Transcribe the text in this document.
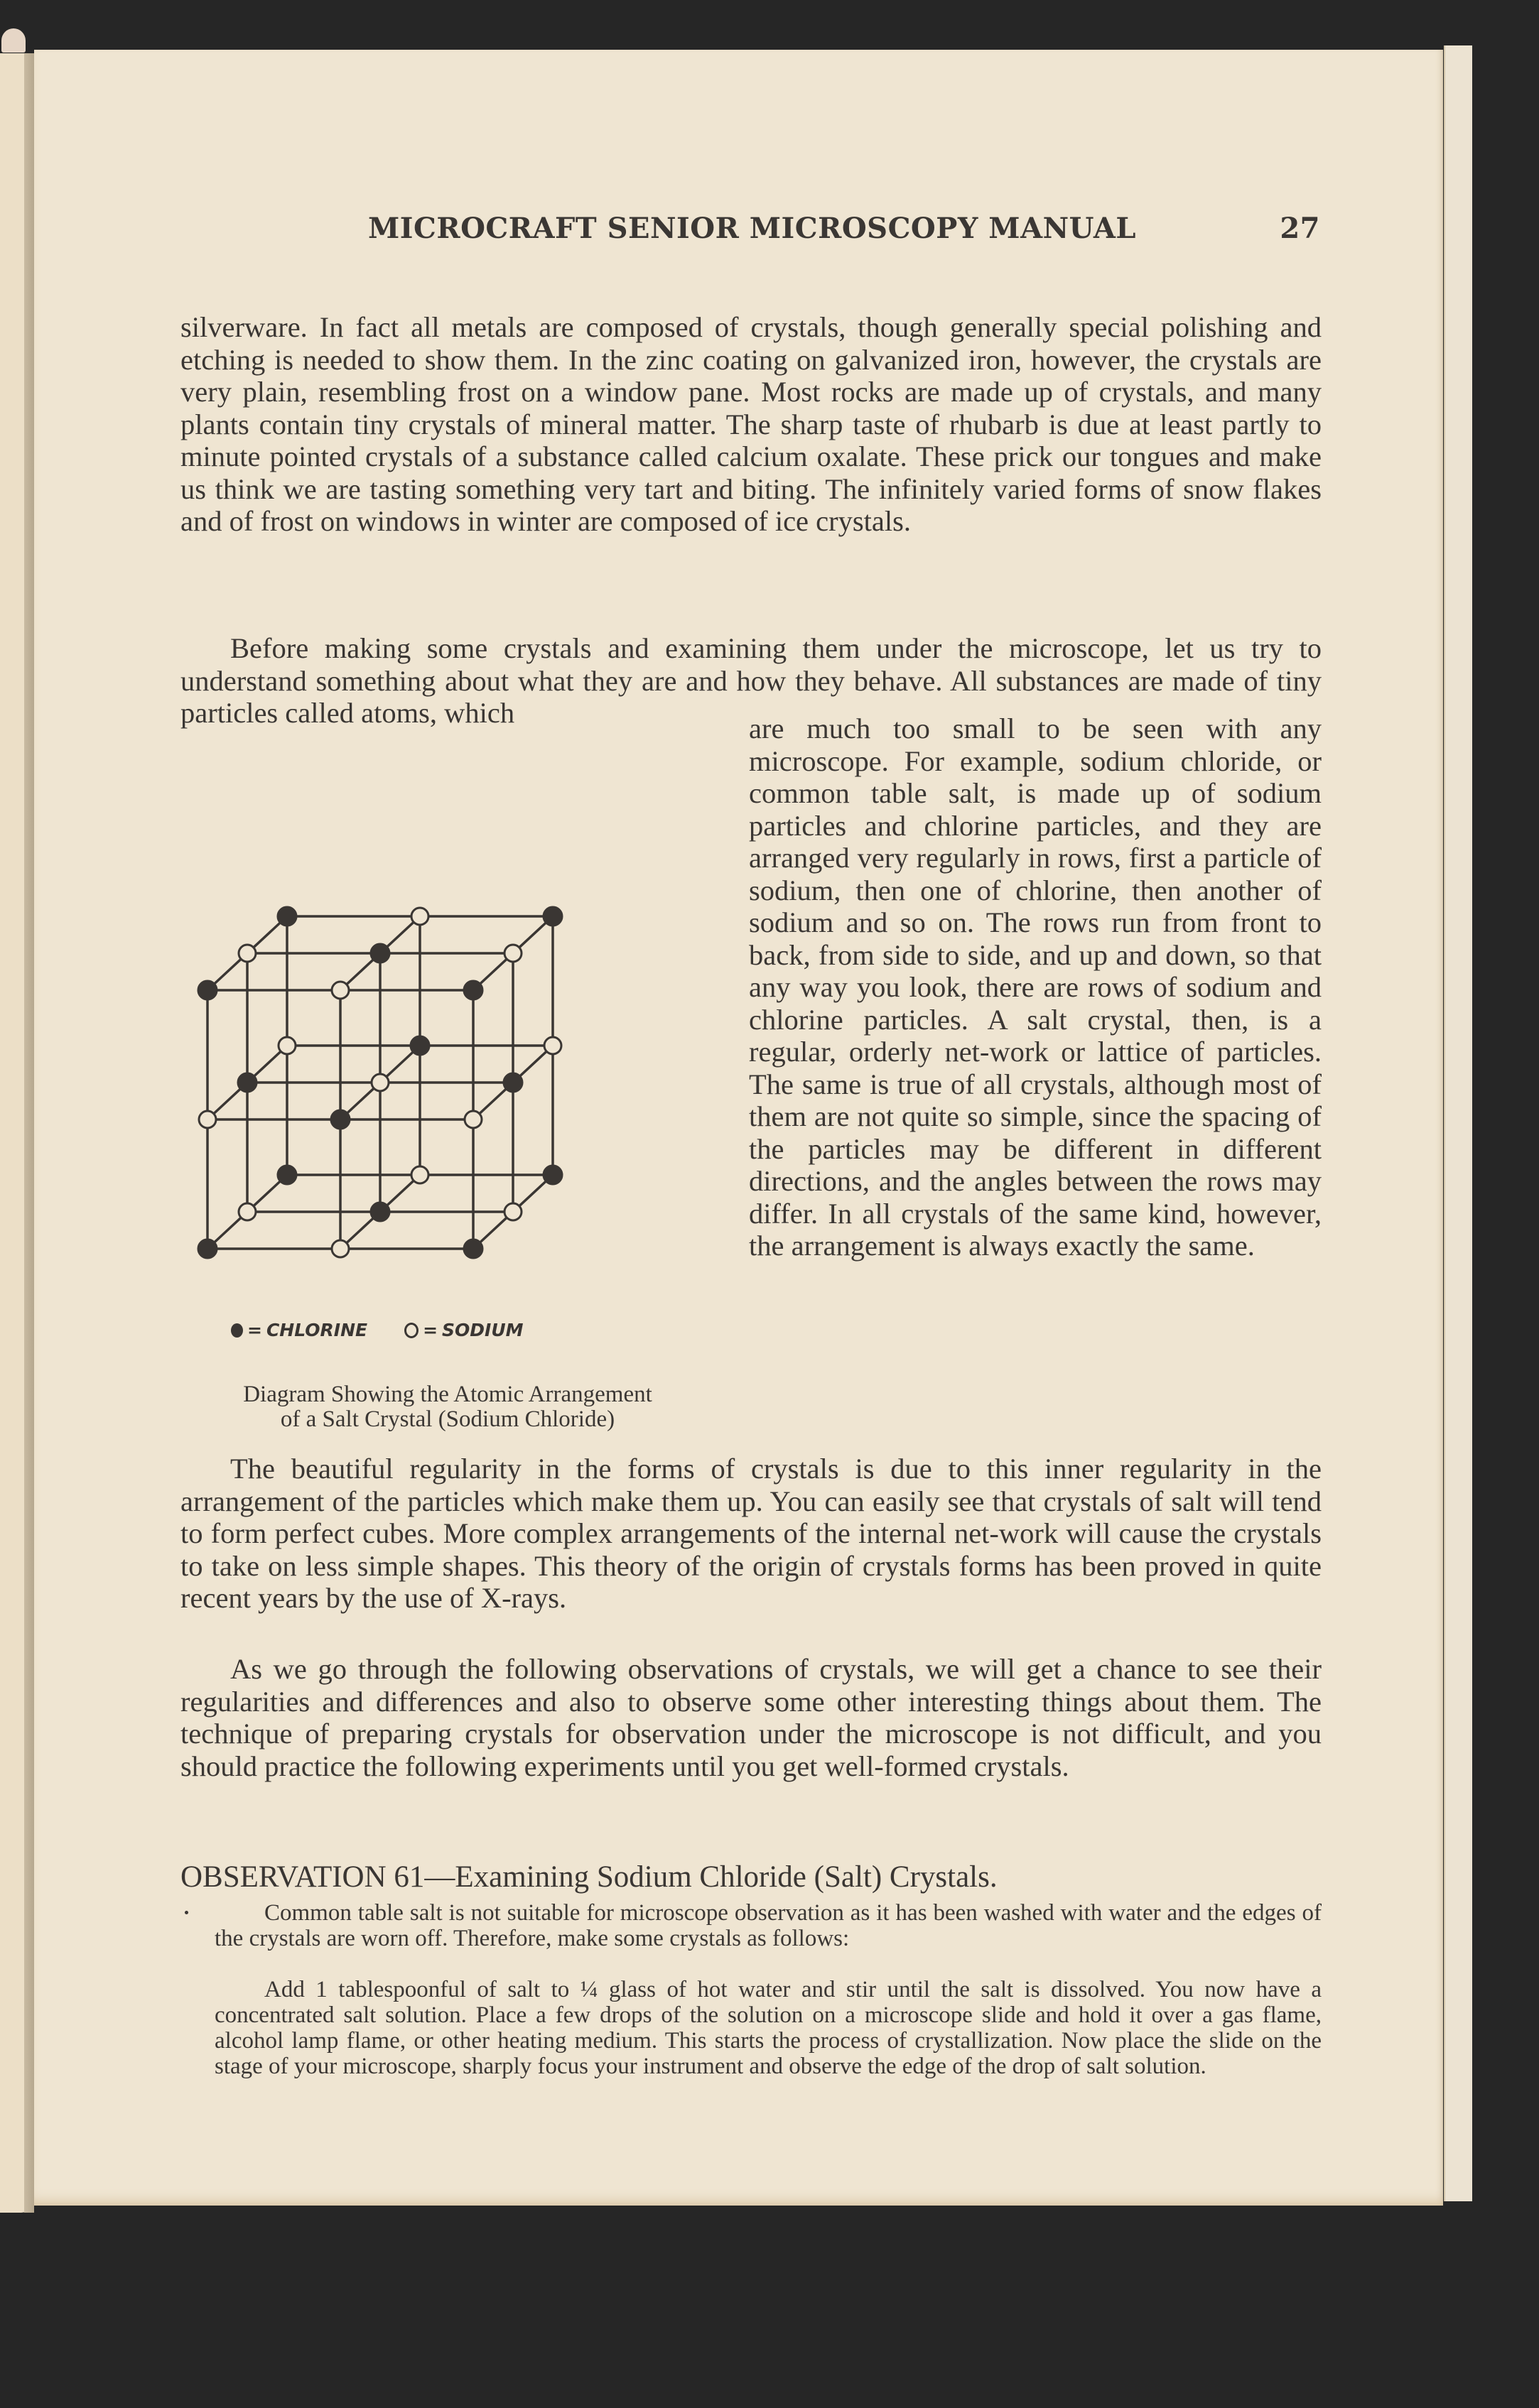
MICROCRAFT SENIOR MICROSCOPY MANUAL	27

silverware. In fact all metals are composed of crystals, though generally special polishing and etching is needed to show them. In the zinc coating on galvanized iron, however, the crystals are very plain, resembling frost on a window pane. Most rocks are made up of crystals, and many plants contain tiny crystals of mineral matter. The sharp taste of rhubarb is due at least partly to minute pointed crystals of a substance called calcium oxalate. These prick our tongues and make us think we are tasting something very tart and biting. The infinitely varied forms of snow flakes and of frost on windows in winter are composed of ice crystals.

Before making some crystals and examining them under the microscope, let us try to understand something about what they are and how they behave. All substances are made of tiny particles called atoms, which	are much too small to be seen with any microscope. For example, sodium chloride, or common table salt, is made up of sodium particles and chlorine particles, and they are arranged very regularly in rows, first a particle of sodium, then one of chlorine, then another of sodium and so on. The rows run from front to back, from side to side, and up and down, so that any way you look, there are rows of sodium and chlorine particles. A salt crystal, then, is a regular, orderly net-work or lattice of particles. The same is true of all crystals, although most of them are not quite so simple, since the spacing of the particles may be different in different directions, and the angles between the rows may differ. In all crystals of the same kind, however, the arrangement is always exactly the same.

= CHLORINE	= SODIUM
Diagram Showing the Atomic Arrangement
of a Salt Crystal (Sodium Chloride)

The beautiful regularity in the forms of crystals is due to this inner regularity in the arrangement of the particles which make them up. You can easily see that crystals of salt will tend to form perfect cubes. More complex arrangements of the internal net-work will cause the crystals to take on less simple shapes. This theory of the origin of crystals forms has been proved in quite recent years by the use of X-rays.

As we go through the following observations of crystals, we will get a chance to see their regularities and differences and also to observe some other interesting things about them. The technique of preparing crystals for observation under the microscope is not difficult, and you should practice the following experiments until you get well-formed crystals.

OBSERVATION 61—Examining Sodium Chloride (Salt) Crystals.

Common table salt is not suitable for microscope observation as it has been washed with water and the edges of the crystals are worn off. Therefore, make some crystals as follows:

Add 1 tablespoonful of salt to ¼ glass of hot water and stir until the salt is dissolved. You now have a concentrated salt solution. Place a few drops of the solution on a microscope slide and hold it over a gas flame, alcohol lamp flame, or other heating medium. This starts the process of crystallization. Now place the slide on the stage of your microscope, sharply focus your instrument and observe the edge of the drop of salt solution.
